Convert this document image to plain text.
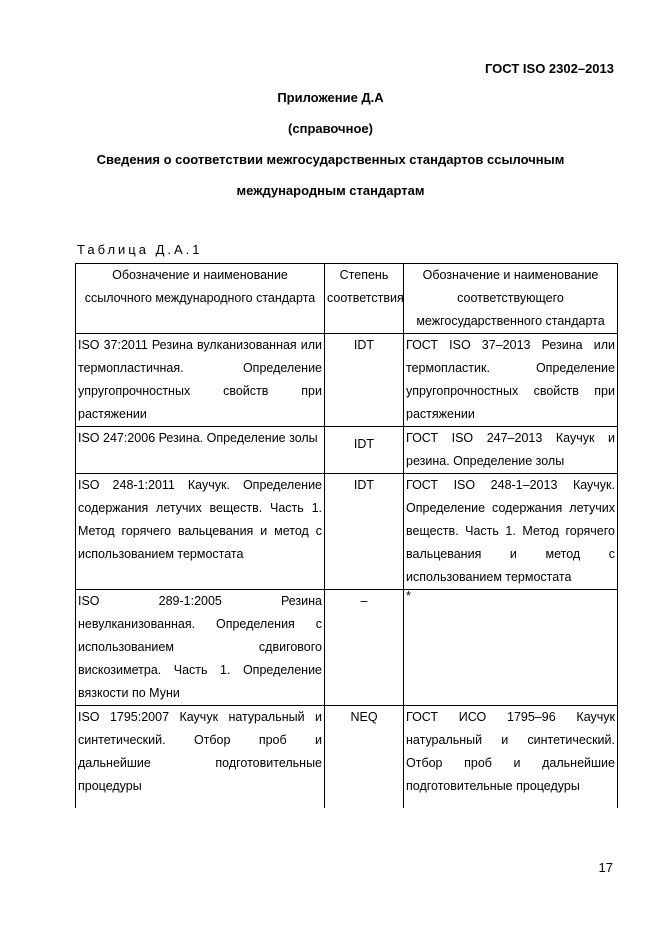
ГОСТ ISO 2302–2013
Приложение Д.А
(справочное)
Сведения о соответствии межгосударственных стандартов ссылочным
международным стандартам
Таблица Д.А.1
Обозначение и наименование ссылочного международного стандарта	Степень соответствия	Обозначение и наименование соответствующего межгосударственного стандарта
ISO 37:2011 Резина вулканизованная или термопластичная. Определение упругопрочностных свойств при растяжении	IDT	ГОСТ ISO 37–2013 Резина или термопластик. Определение упругопрочностных свойств при растяжении
ISO 247:2006 Резина. Определение золы	IDT	ГОСТ ISO 247–2013 Каучук и резина. Определение золы
ISO 248-1:2011 Каучук. Определение содержания летучих веществ. Часть 1. Метод горячего вальцевания и метод с использованием термостата	IDT	ГОСТ ISO 248-1–2013 Каучук. Определение содержания летучих веществ. Часть 1. Метод горячего вальцевания и метод с использованием термостата
ISO 289-1:2005 Резина невулканизованная. Определения с использованием сдвигового вискозиметра. Часть 1. Определение вязкости по Муни	–	*
ISO 1795:2007 Каучук натуральный и синтетический. Отбор проб и дальнейшие подготовительные процедуры	NEQ	ГОСТ ИСО 1795–96 Каучук натуральный и синтетический. Отбор проб и дальнейшие подготовительные процедуры
17
